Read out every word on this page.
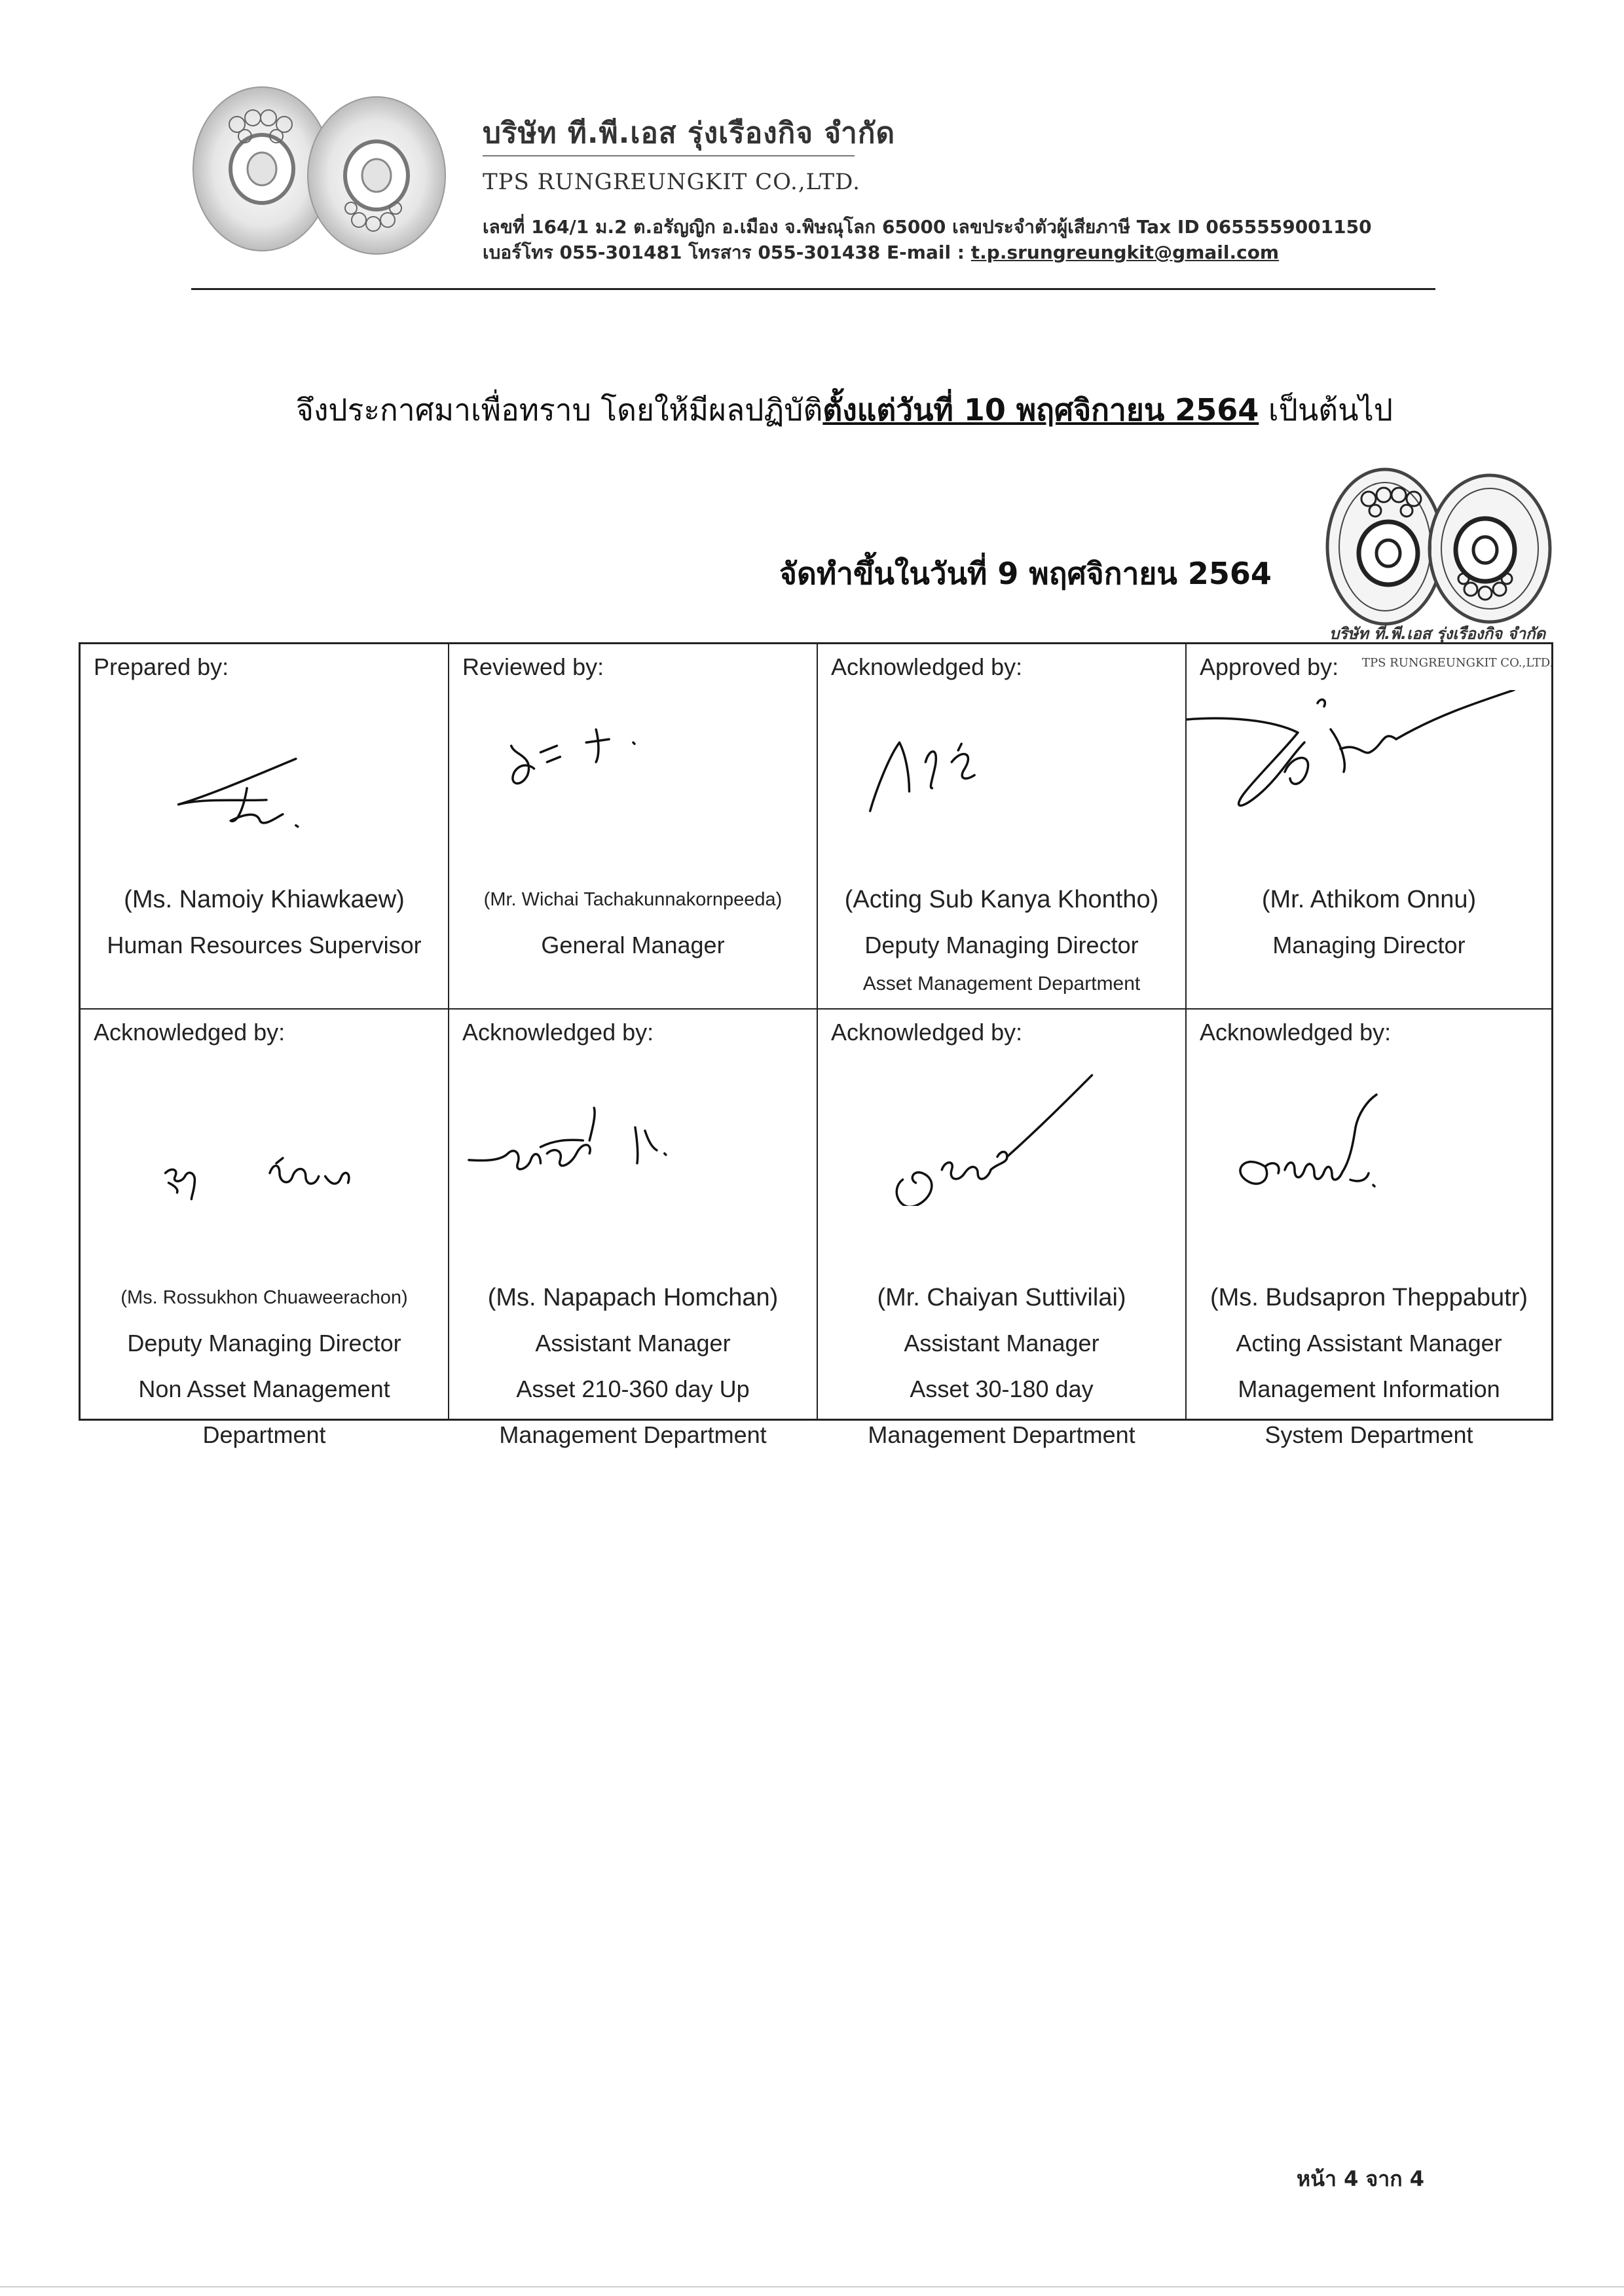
บริษัท ที.พี.เอส รุ่งเรืองกิจ จำกัด
TPS RUNGREUNGKIT CO.,LTD.
เลขที่ 164/1 ม.2 ต.อรัญญิก อ.เมือง จ.พิษณุโลก 65000 เลขประจำตัวผู้เสียภาษี Tax ID 0655559001150
เบอร์โทร 055-301481 โทรสาร 055-301438 E-mail : t.p.srungreungkit@gmail.com
จึงประกาศมาเพื่อทราบ โดยให้มีผลปฏิบัติตั้งแต่วันที่ 10 พฤศจิกายน 2564 เป็นต้นไป
จัดทำขึ้นในวันที่ 9 พฤศจิกายน 2564
บริษัท ที.พี.เอส รุ่งเรืองกิจ จำกัด
TPS RUNGREUNGKIT CO.,LTD.
Prepared by:
(Ms. Namoiy Khiawkaew)
Human Resources Supervisor
Reviewed by:
(Mr. Wichai Tachakunnakornpeeda)
General Manager
Acknowledged by:
(Acting Sub Kanya Khontho)
Deputy Managing Director
Asset Management Department
Approved by:
(Mr. Athikom Onnu)
Managing Director
Acknowledged by:
(Ms. Rossukhon Chuaweerachon)
Deputy Managing Director
Non Asset Management
Department
Acknowledged by:
(Ms. Napapach Homchan)
Assistant Manager
Asset 210-360 day Up
Management Department
Acknowledged by:
(Mr. Chaiyan Suttivilai)
Assistant Manager
Asset 30-180 day
Management Department
Acknowledged by:
(Ms. Budsapron Theppabutr)
Acting Assistant Manager
Management Information
System Department
หน้า 4 จาก 4
